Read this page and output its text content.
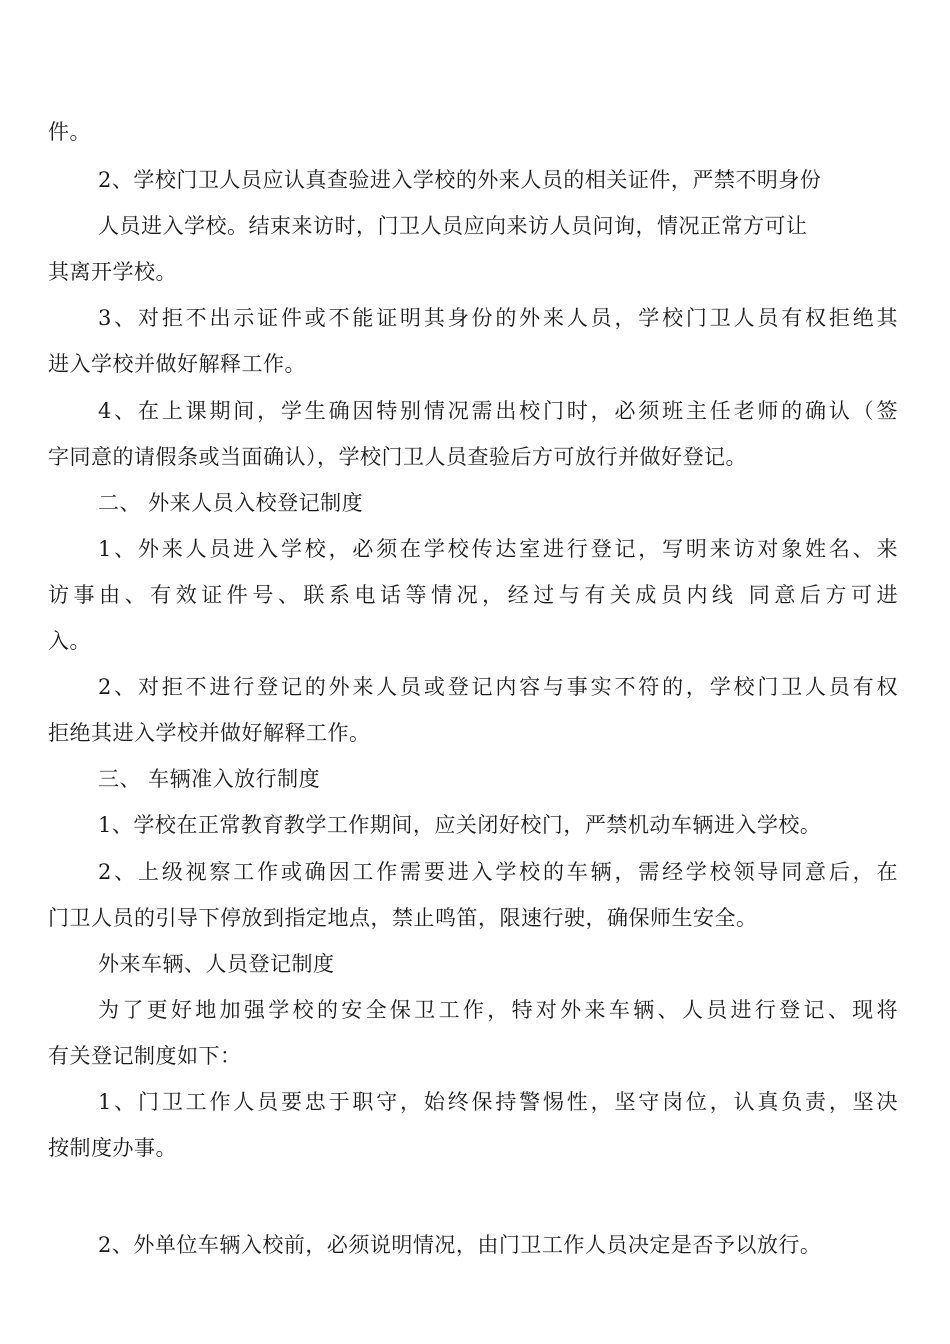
件。
2、学校门卫人员应认真查验进入学校的外来人员的相关证件，严禁不明身份
人员进入学校。结束来访时，门卫人员应向来访人员问询，情况正常方可让
其离开学校。
3、对拒不出示证件或不能证明其身份的外来人员，学校门卫人员有权拒绝其
进入学校并做好解释工作。
4、在上课期间，学生确因特别情况需出校门时，必须班主任老师的确认（签
字同意的请假条或当面确认），学校门卫人员查验后方可放行并做好登记。
二、 外来人员入校登记制度
1、外来人员进入学校，必须在学校传达室进行登记，写明来访对象姓名、来
访事由、有效证件号、联系电话等情况，经过与有关成员内线 同意后方可进
入。
2、对拒不进行登记的外来人员或登记内容与事实不符的，学校门卫人员有权
拒绝其进入学校并做好解释工作。
三、 车辆准入放行制度
1、学校在正常教育教学工作期间，应关闭好校门，严禁机动车辆进入学校。
2、上级视察工作或确因工作需要进入学校的车辆，需经学校领导同意后，在
门卫人员的引导下停放到指定地点，禁止鸣笛，限速行驶，确保师生安全。
外来车辆、人员登记制度
为了更好地加强学校的安全保卫工作，特对外来车辆、人员进行登记、现将
有关登记制度如下：
1、门卫工作人员要忠于职守，始终保持警惕性，坚守岗位，认真负责，坚决
按制度办事。
2、外单位车辆入校前，必须说明情况，由门卫工作人员决定是否予以放行。
